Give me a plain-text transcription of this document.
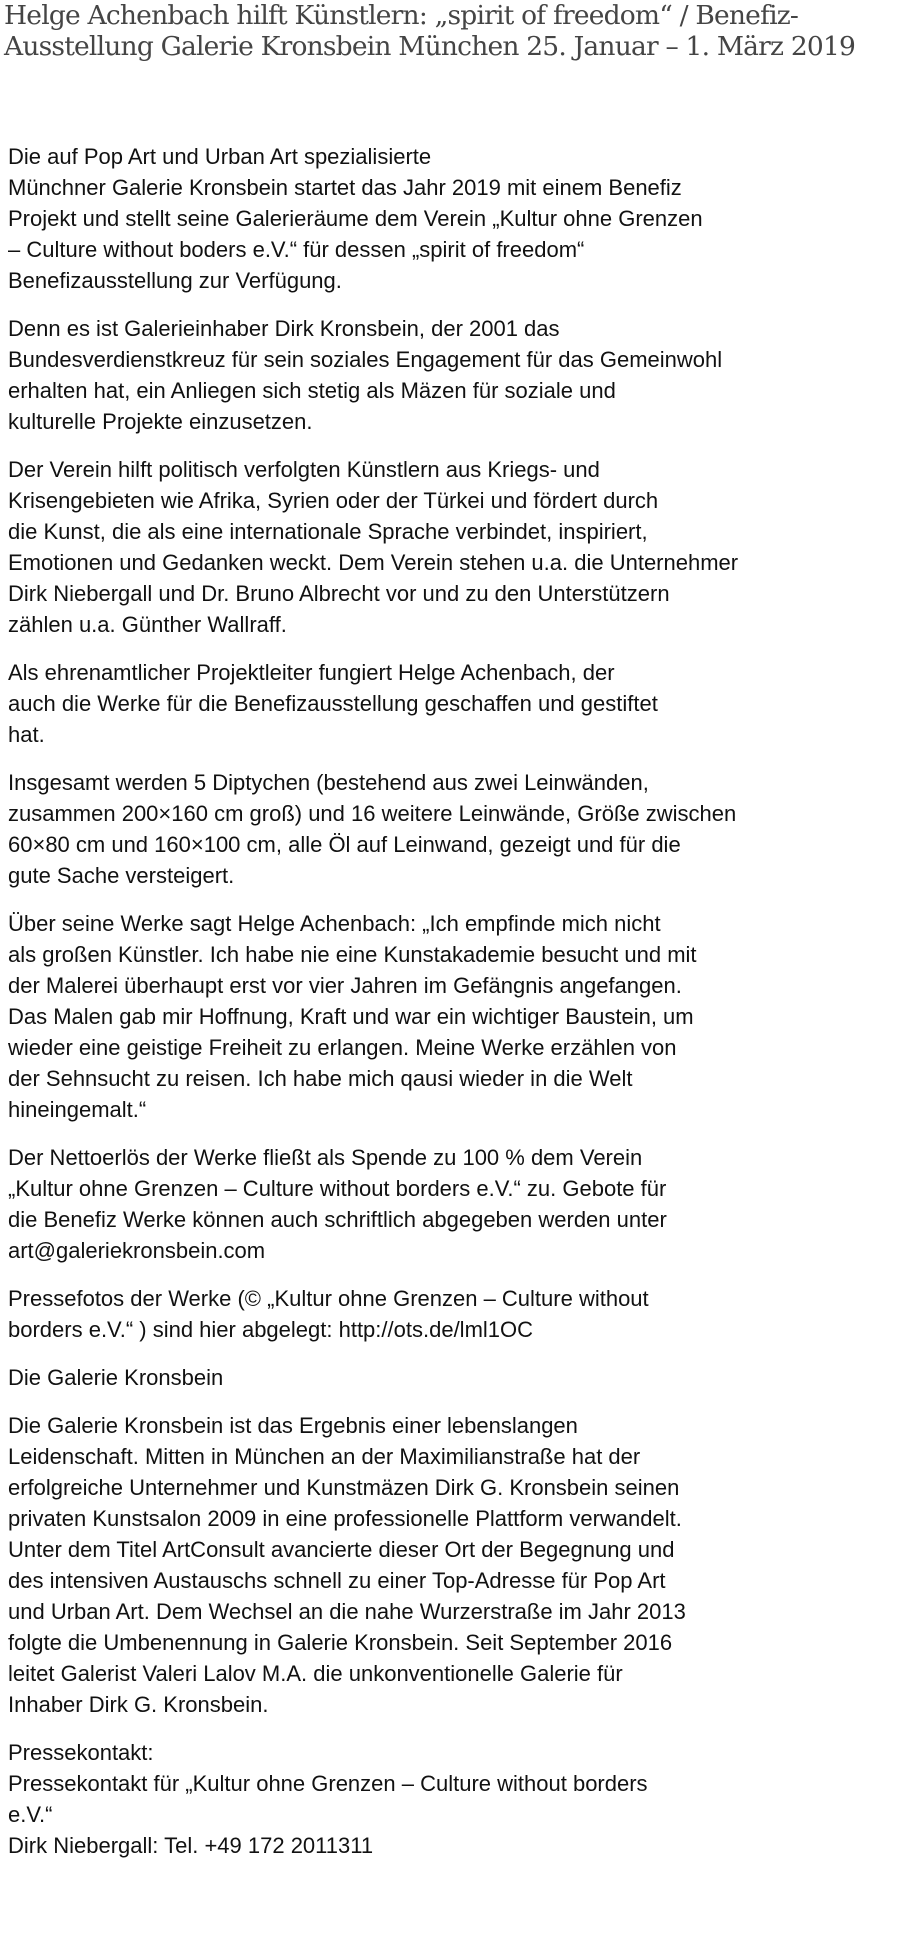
Helge Achenbach hilft Künstlern: „spirit of freedom“ / Benefiz-Ausstellung Galerie Kronsbein München 25. Januar – 1. März 2019

Die auf Pop Art und Urban Art spezialisierte
Münchner Galerie Kronsbein startet das Jahr 2019 mit einem Benefiz
Projekt und stellt seine Galerieräume dem Verein „Kultur ohne Grenzen
– Culture without boders e.V.“ für dessen „spirit of freedom“
Benefizausstellung zur Verfügung.

Denn es ist Galerieinhaber Dirk Kronsbein, der 2001 das
Bundesverdienstkreuz für sein soziales Engagement für das Gemeinwohl
erhalten hat, ein Anliegen sich stetig als Mäzen für soziale und
kulturelle Projekte einzusetzen.

Der Verein hilft politisch verfolgten Künstlern aus Kriegs- und
Krisengebieten wie Afrika, Syrien oder der Türkei und fördert durch
die Kunst, die als eine internationale Sprache verbindet, inspiriert,
Emotionen und Gedanken weckt. Dem Verein stehen u.a. die Unternehmer
Dirk Niebergall und Dr. Bruno Albrecht vor und zu den Unterstützern
zählen u.a. Günther Wallraff.

Als ehrenamtlicher Projektleiter fungiert Helge Achenbach, der
auch die Werke für die Benefizausstellung geschaffen und gestiftet
hat.

Insgesamt werden 5 Diptychen (bestehend aus zwei Leinwänden,
zusammen 200×160 cm groß) und 16 weitere Leinwände, Größe zwischen
60×80 cm und 160×100 cm, alle Öl auf Leinwand, gezeigt und für die
gute Sache versteigert.

Über seine Werke sagt Helge Achenbach: „Ich empfinde mich nicht
als großen Künstler. Ich habe nie eine Kunstakademie besucht und mit
der Malerei überhaupt erst vor vier Jahren im Gefängnis angefangen.
Das Malen gab mir Hoffnung, Kraft und war ein wichtiger Baustein, um
wieder eine geistige Freiheit zu erlangen. Meine Werke erzählen von
der Sehnsucht zu reisen. Ich habe mich qausi wieder in die Welt
hineingemalt.“

Der Nettoerlös der Werke fließt als Spende zu 100 % dem Verein
„Kultur ohne Grenzen – Culture without borders e.V.“ zu. Gebote für
die Benefiz Werke können auch schriftlich abgegeben werden unter
art@galeriekronsbein.com

Pressefotos der Werke (© „Kultur ohne Grenzen – Culture without
borders e.V.“ ) sind hier abgelegt: http://ots.de/lml1OC

Die Galerie Kronsbein

Die Galerie Kronsbein ist das Ergebnis einer lebenslangen
Leidenschaft. Mitten in München an der Maximilianstraße hat der
erfolgreiche Unternehmer und Kunstmäzen Dirk G. Kronsbein seinen
privaten Kunstsalon 2009 in eine professionelle Plattform verwandelt.
Unter dem Titel ArtConsult avancierte dieser Ort der Begegnung und
des intensiven Austauschs schnell zu einer Top-Adresse für Pop Art
und Urban Art. Dem Wechsel an die nahe Wurzerstraße im Jahr 2013
folgte die Umbenennung in Galerie Kronsbein. Seit September 2016
leitet Galerist Valeri Lalov M.A. die unkonventionelle Galerie für
Inhaber Dirk G. Kronsbein.

Pressekontakt:
Pressekontakt für „Kultur ohne Grenzen – Culture without borders
e.V.“
Dirk Niebergall: Tel. +49 172 2011311
